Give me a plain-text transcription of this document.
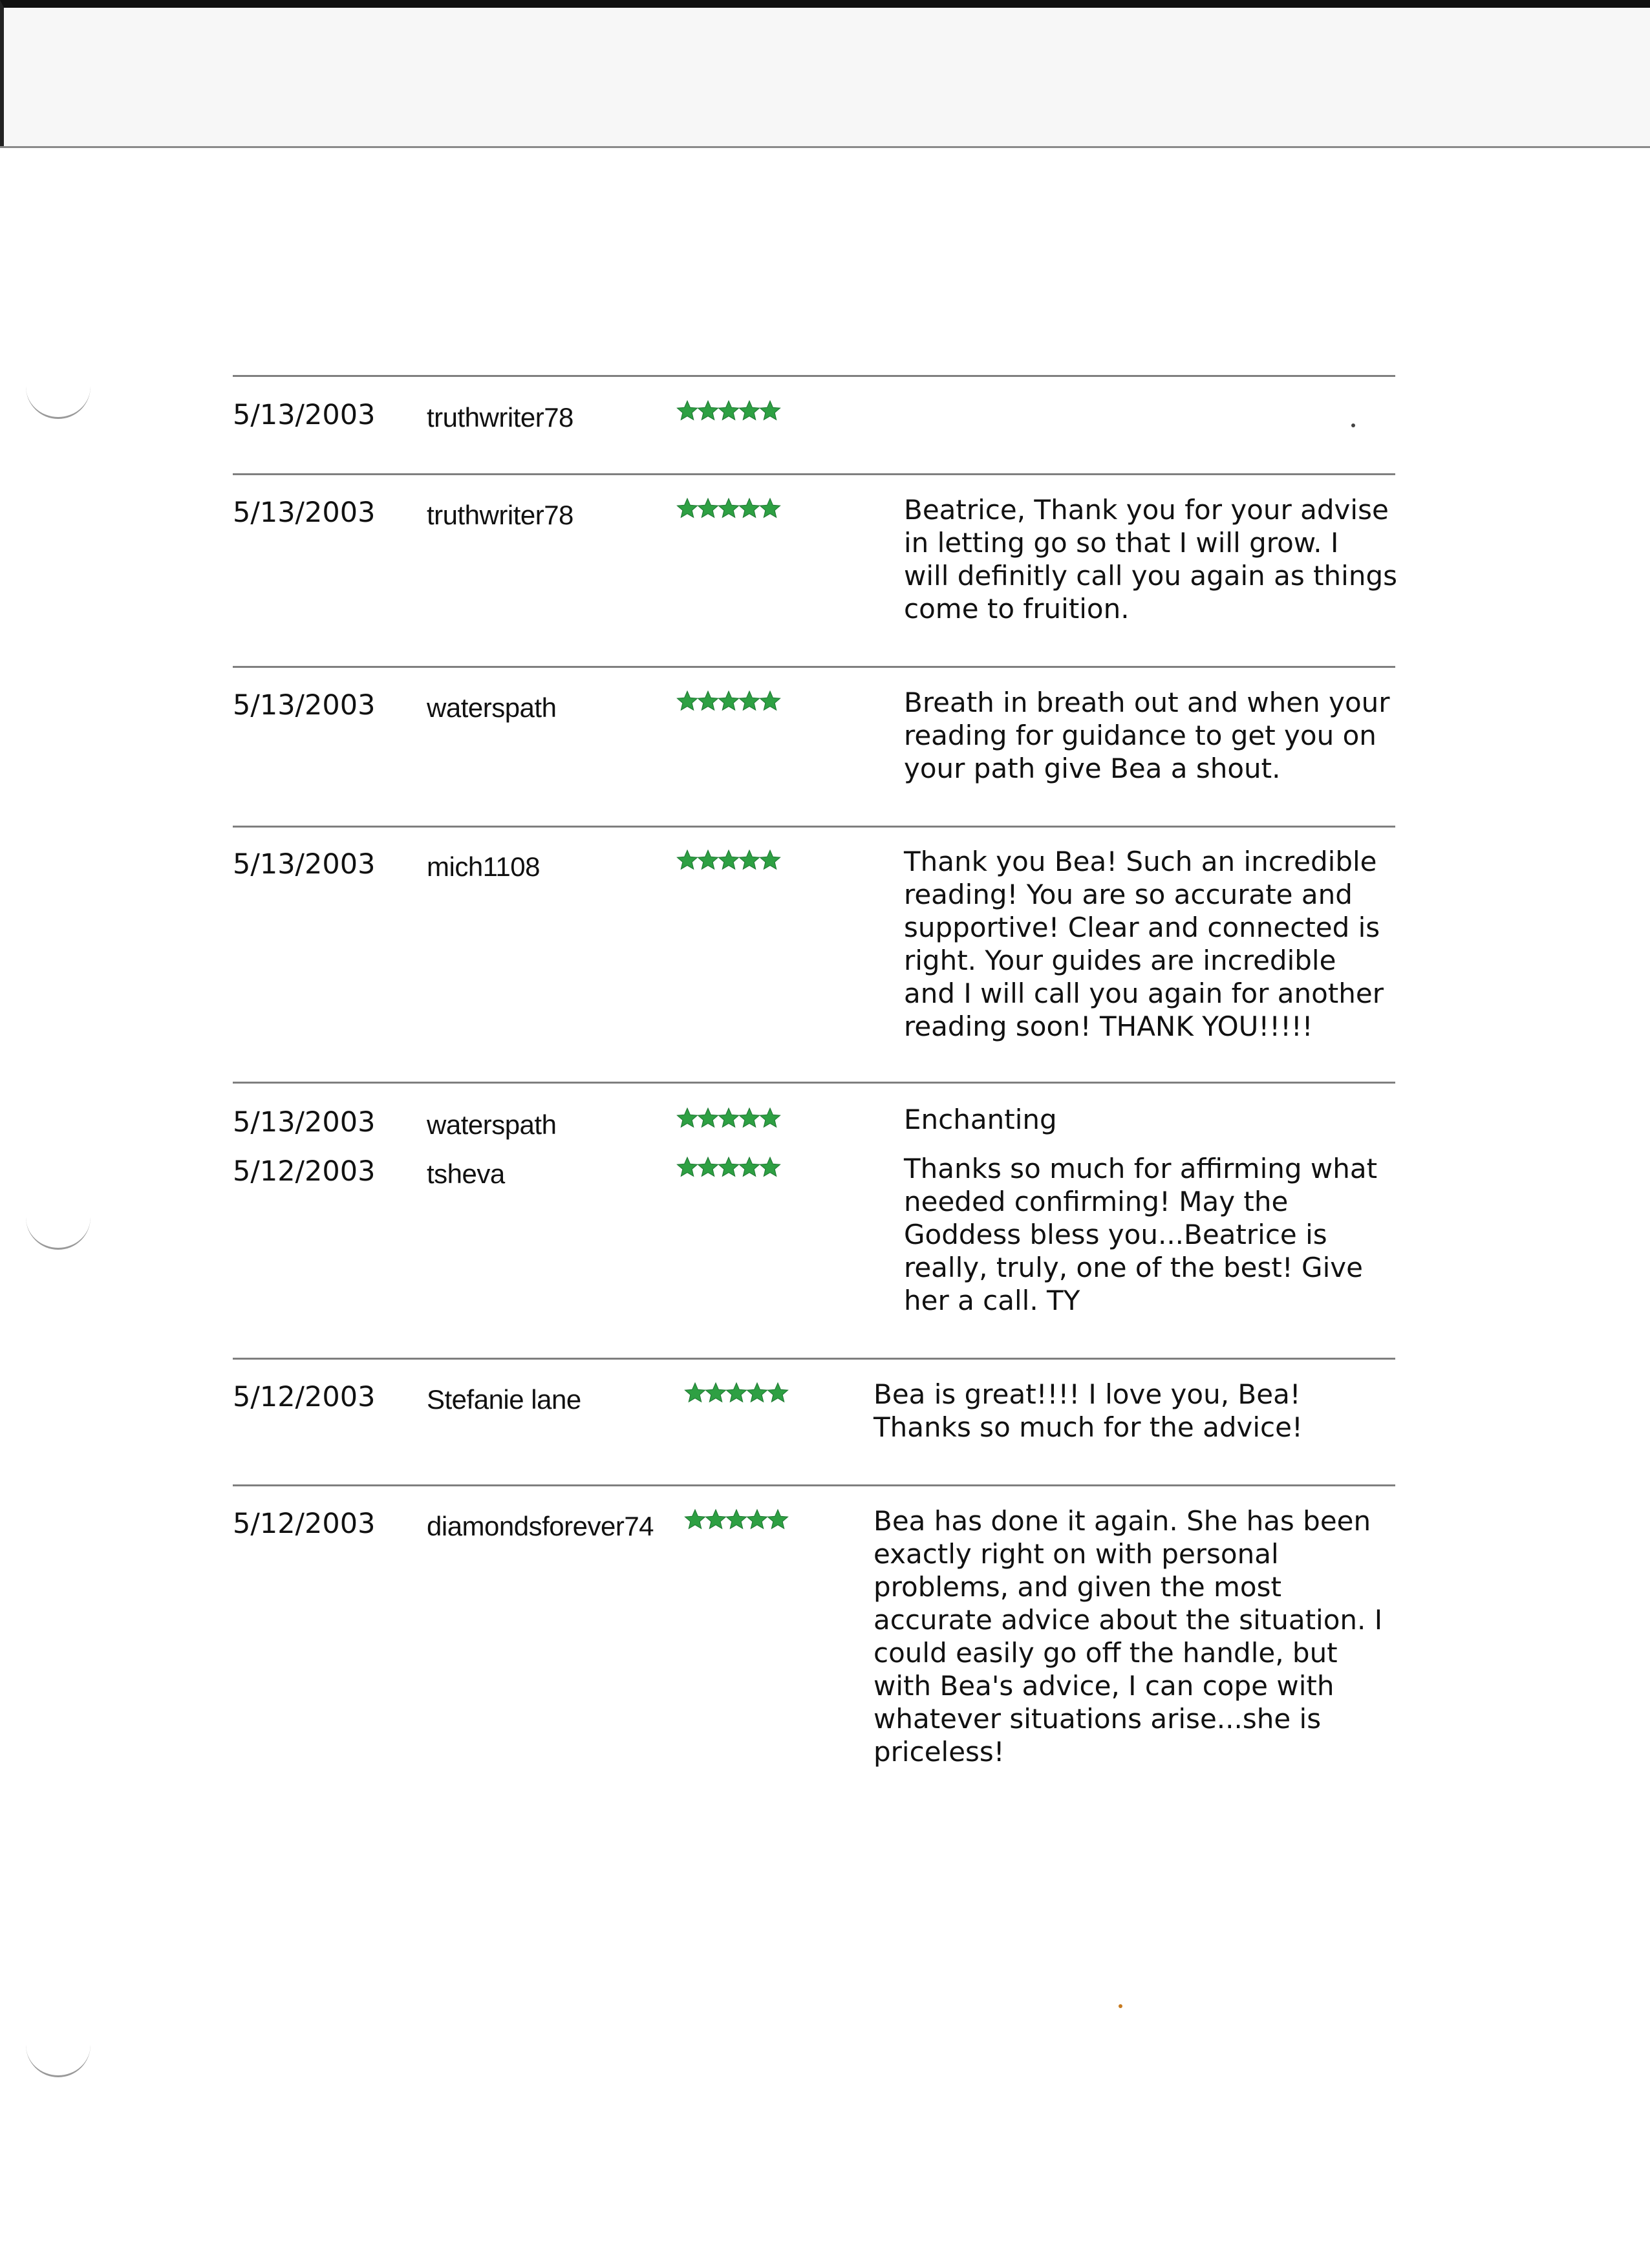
5/13/2003	truthwriter78
5/13/2003	truthwriter78	Beatrice, Thank you for your advise
in letting go so that I will grow. I
will definitly call you again as things
come to fruition.
5/13/2003	waterspath	Breath in breath out and when your
reading for guidance to get you on
your path give Bea a shout.
5/13/2003	mich1108	Thank you Bea! Such an incredible
reading! You are so accurate and
supportive! Clear and connected is
right. Your guides are incredible
and I will call you again for another
reading soon! THANK YOU!!!!!
5/13/2003	waterspath	Enchanting
5/12/2003	tsheva	Thanks so much for affirming what
needed confirming! May the
Goddess bless you...Beatrice is
really, truly, one of the best! Give
her a call. TY
5/12/2003	Stefanie lane	Bea is great!!!! I love you, Bea!
Thanks so much for the advice!
5/12/2003	diamondsforever74	Bea has done it again. She has been
exactly right on with personal
problems, and given the most
accurate advice about the situation. I
could easily go off the handle, but
with Bea's advice, I can cope with
whatever situations arise...she is
priceless!
